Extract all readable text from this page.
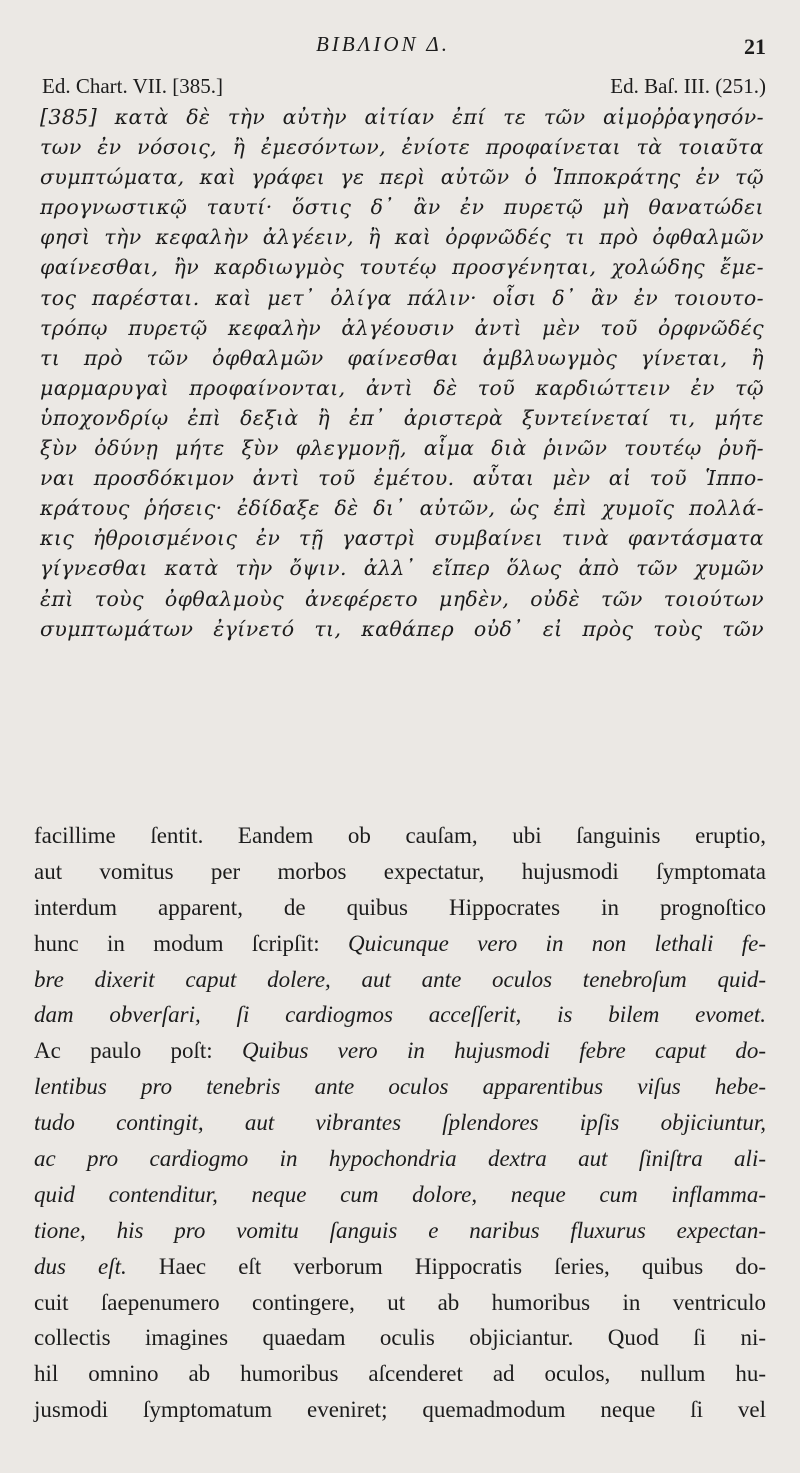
BIBΛΙΟΝ Δ.	21
Ed. Chart. VII. [385.]	Ed. Baſ. III. (251.)
[385] κατὰ δὲ τὴν αὐτὴν αἰτίαν ἐπί τε τῶν αἱμοῤῥαγησόν-
των ἐν νόσοις, ἢ ἐμεσόντων, ἐνίοτε προφαίνεται τὰ τοιαῦτα
συμπτώματα, καὶ γράφει γε περὶ αὐτῶν ὁ Ἱπποκράτης ἐν τῷ
προγνωστικῷ ταυτί· ὅστις δ᾽ ἂν ἐν πυρετῷ μὴ θανατώδει
φησὶ τὴν κεφαλὴν ἀλγέειν, ἢ καὶ ὀρφνῶδές τι πρὸ ὀφθαλμῶν
φαίνεσθαι, ἢν καρδιωγμὸς τουτέῳ προσγένηται, χολώδης ἔμε-
τος παρέσται. καὶ μετ᾽ ὀλίγα πάλιν· οἷσι δ᾽ ἂν ἐν τοιουτο-
τρόπῳ πυρετῷ κεφαλὴν ἀλγέουσιν ἀντὶ μὲν τοῦ ὀρφνῶδές
τι πρὸ τῶν ὀφθαλμῶν φαίνεσθαι ἀμβλυωγμὸς γίνεται, ἢ
μαρμαρυγαὶ προφαίνονται, ἀντὶ δὲ τοῦ καρδιώττειν ἐν τῷ
ὑποχονδρίῳ ἐπὶ δεξιὰ ἢ ἐπ᾽ ἀριστερὰ ξυντείνεταί τι, μήτε
ξὺν ὀδύνῃ μήτε ξὺν φλεγμονῇ, αἷμα διὰ ῥινῶν τουτέῳ ῥυῆ-
ναι προσδόκιμον ἀντὶ τοῦ ἐμέτου. αὗται μὲν αἱ τοῦ Ἱππο-
κράτους ῥήσεις· ἐδίδαξε δὲ δι᾽ αὐτῶν, ὡς ἐπὶ χυμοῖς πολλά-
κις ἠθροισμένοις ἐν τῇ γαστρὶ συμβαίνει τινὰ φαντάσματα
γίγνεσθαι κατὰ τὴν ὄψιν. ἀλλ᾽ εἴπερ ὅλως ἀπὸ τῶν χυμῶν
ἐπὶ τοὺς ὀφθαλμοὺς ἀνεφέρετο μηδὲν, οὐδὲ τῶν τοιούτων
συμπτωμάτων ἐγίνετό τι, καθάπερ οὐδ᾽ εἰ πρὸς τοὺς τῶν
facillime ſentit. Eandem ob cauſam, ubi ſanguinis eruptio,
aut vomitus per morbos expectatur, hujusmodi ſymptomata
interdum apparent, de quibus Hippocrates in prognoſtico
hunc in modum ſcripſit: Quicunque vero in non lethali fe-
bre dixerit caput dolere, aut ante oculos tenebroſum quid-
dam obverſari, ſi cardiogmos acceſſerit, is bilem evomet.
Ac paulo poſt: Quibus vero in hujusmodi febre caput do-
lentibus pro tenebris ante oculos apparentibus viſus hebe-
tudo contingit, aut vibrantes ſplendores ipſis objiciuntur,
ac pro cardiogmo in hypochondria dextra aut ſiniſtra ali-
quid contenditur, neque cum dolore, neque cum inflamma-
tione, his pro vomitu ſanguis e naribus fluxurus expectan-
dus eſt. Haec eſt verborum Hippocratis ſeries, quibus do-
cuit ſaepenumero contingere, ut ab humoribus in ventriculo
collectis imagines quaedam oculis objiciantur. Quod ſi ni-
hil omnino ab humoribus aſcenderet ad oculos, nullum hu-
jusmodi ſymptomatum eveniret; quemadmodum neque ſi vel
